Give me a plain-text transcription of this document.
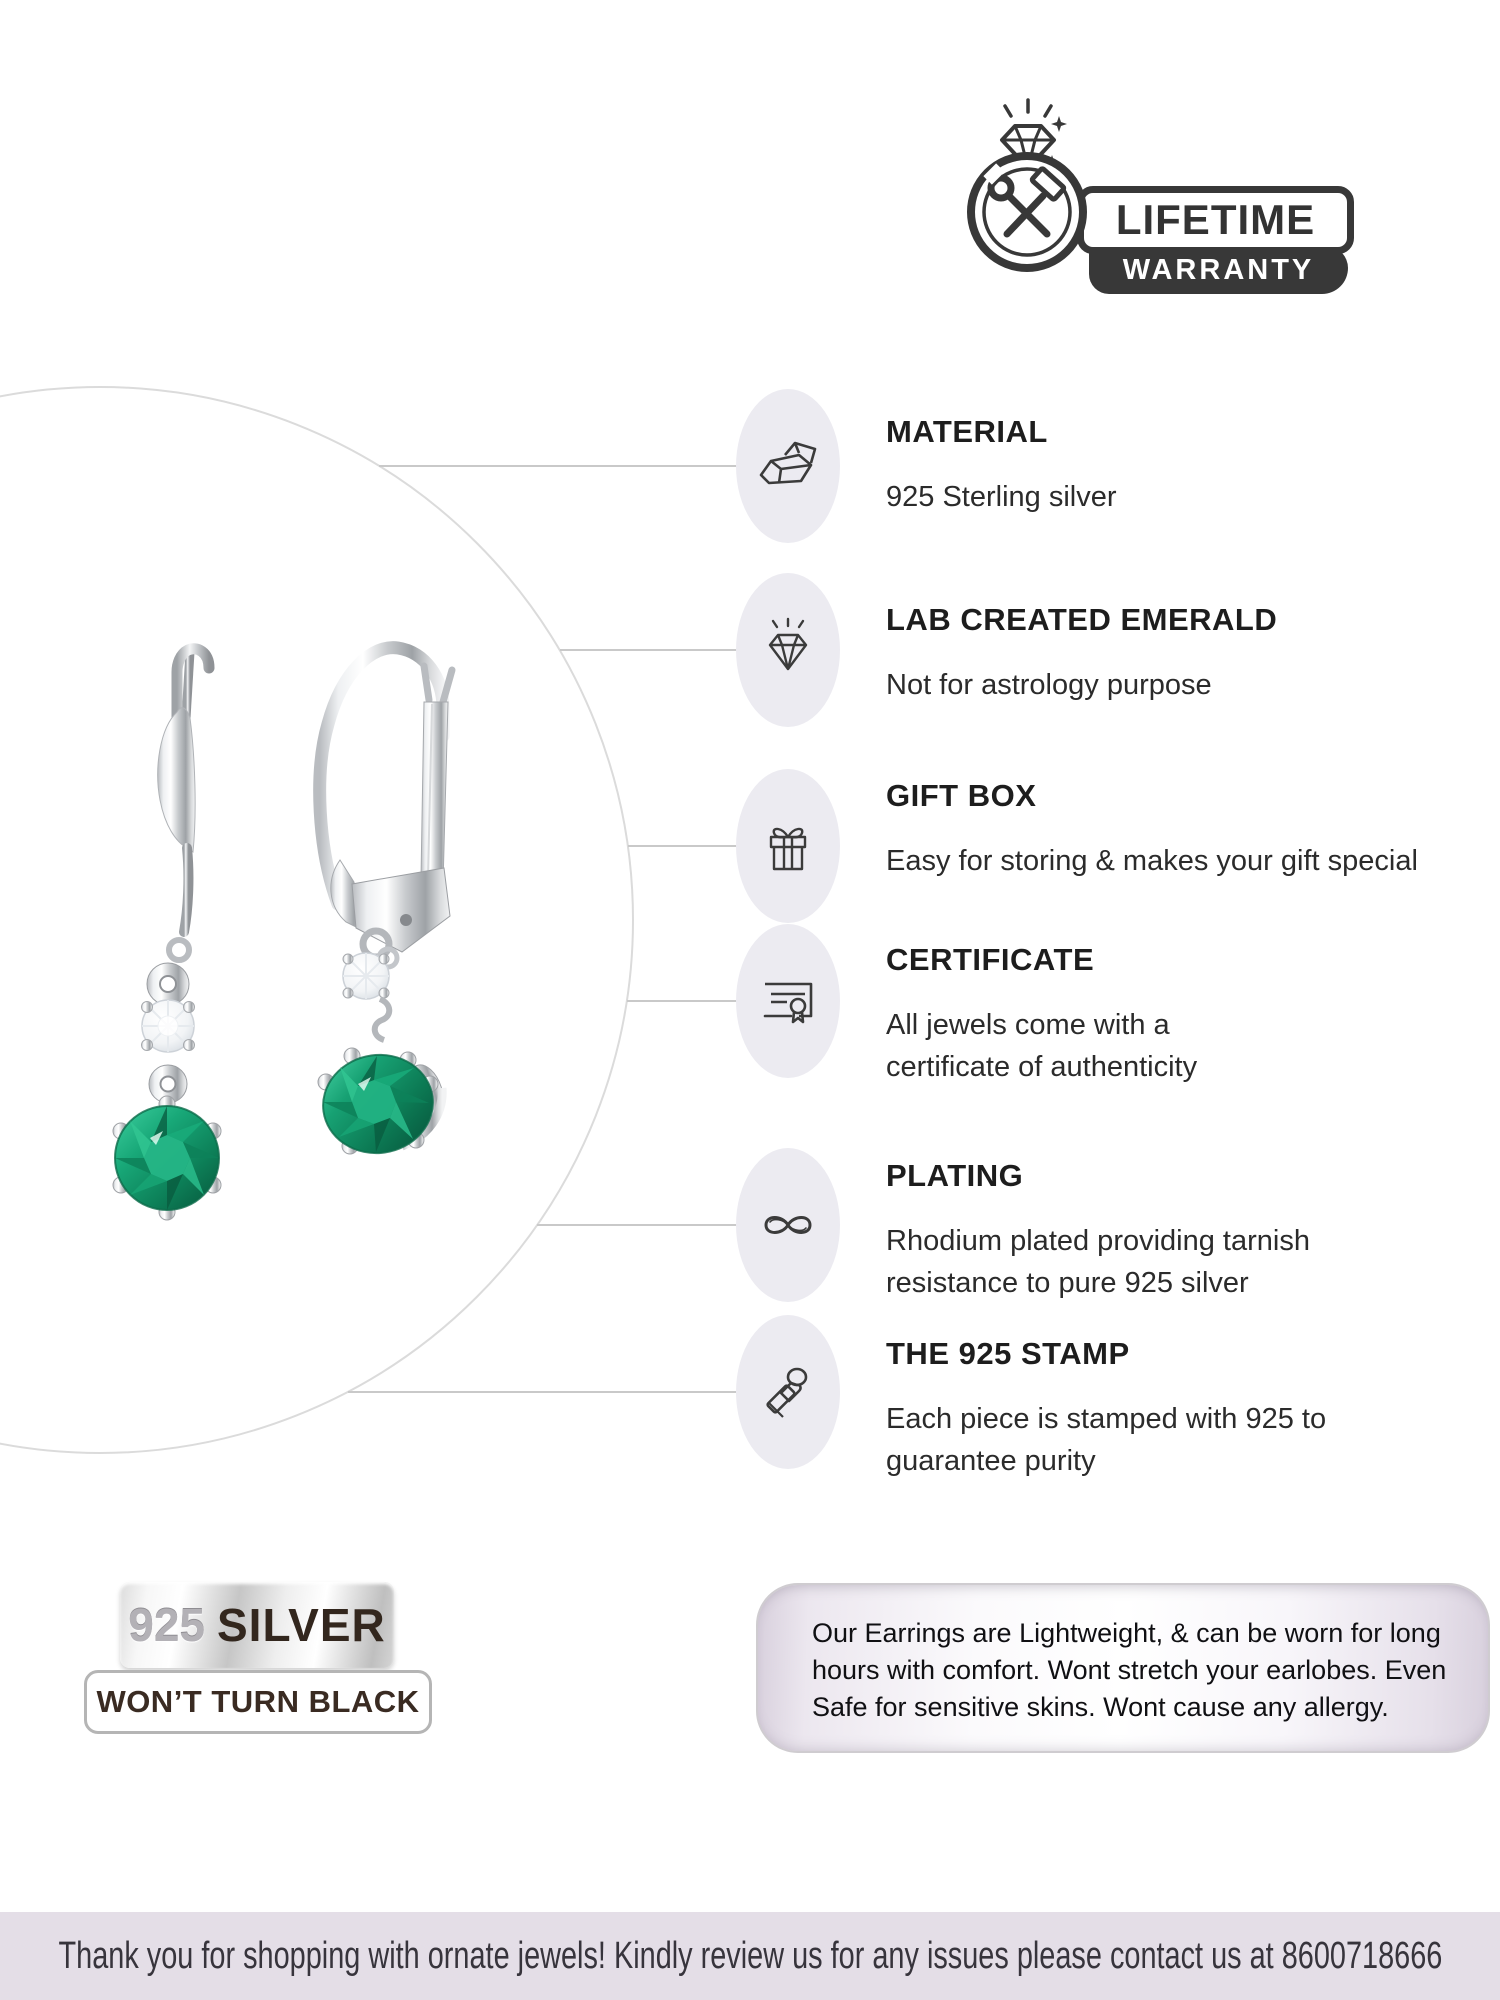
WARRANTY
LIFETIME
MATERIAL
925 Sterling silver
LAB CREATED EMERALD
Not for astrology purpose
GIFT BOX
Easy for storing & makes your gift special
CERTIFICATE
All jewels come with a
certificate of authenticity
PLATING
Rhodium plated providing tarnish
resistance to pure 925 silver
THE 925 STAMP
Each piece is stamped with 925 to
guarantee purity
925 SILVER
WON’T TURN BLACK
Our Earrings are Lightweight, & can be worn for long
hours with comfort. Wont stretch your earlobes. Even
Safe for sensitive skins. Wont cause any allergy.
Thank you for shopping with ornate jewels! Kindly review us for any issues please contact us at 8600718666
